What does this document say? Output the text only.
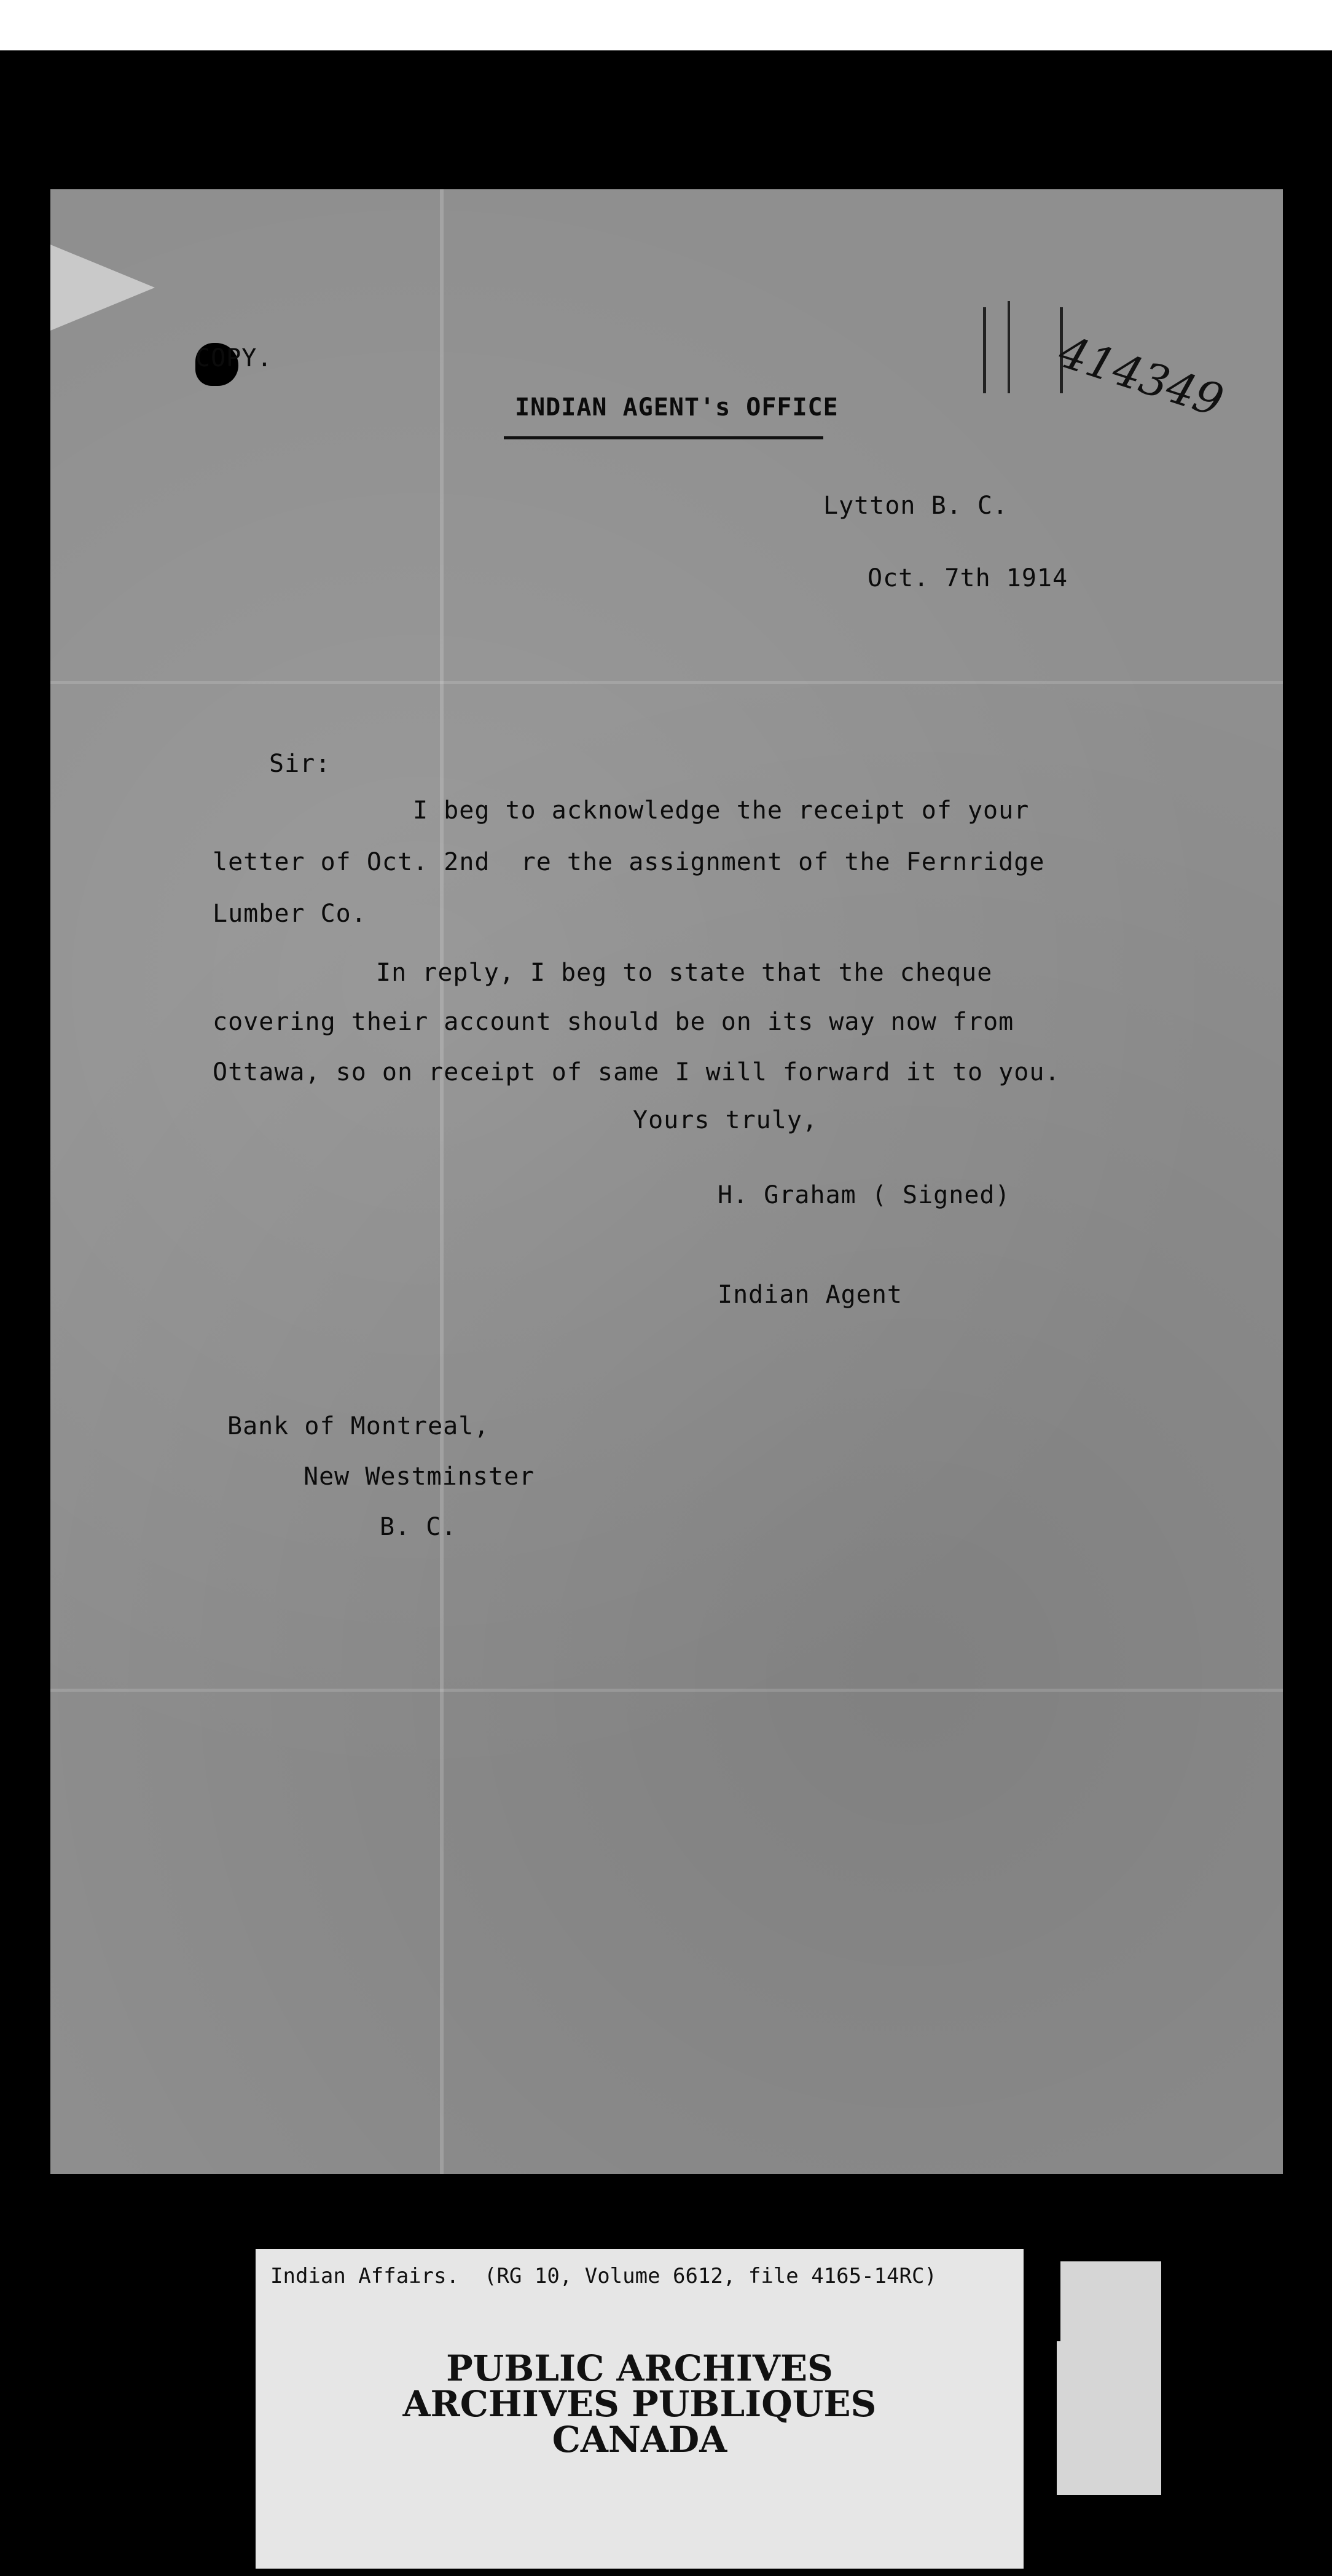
COPY.
INDIAN AGENT's OFFICE	414349
Lytton B. C.
Oct. 7th 1914
Sir:
I beg to acknowledge the receipt of your
letter of Oct. 2nd  re the assignment of the Fernridge
Lumber Co.
In reply, I beg to state that the cheque
covering their account should be on its way now from
Ottawa, so on receipt of same I will forward it to you.
Yours truly,
H. Graham ( Signed)
Indian Agent
Bank of Montreal,
New Westminster
B. C.
Indian Affairs.  (RG 10, Volume 6612, file 4165-14RC)
PUBLIC ARCHIVES
ARCHIVES PUBLIQUES
CANADA
